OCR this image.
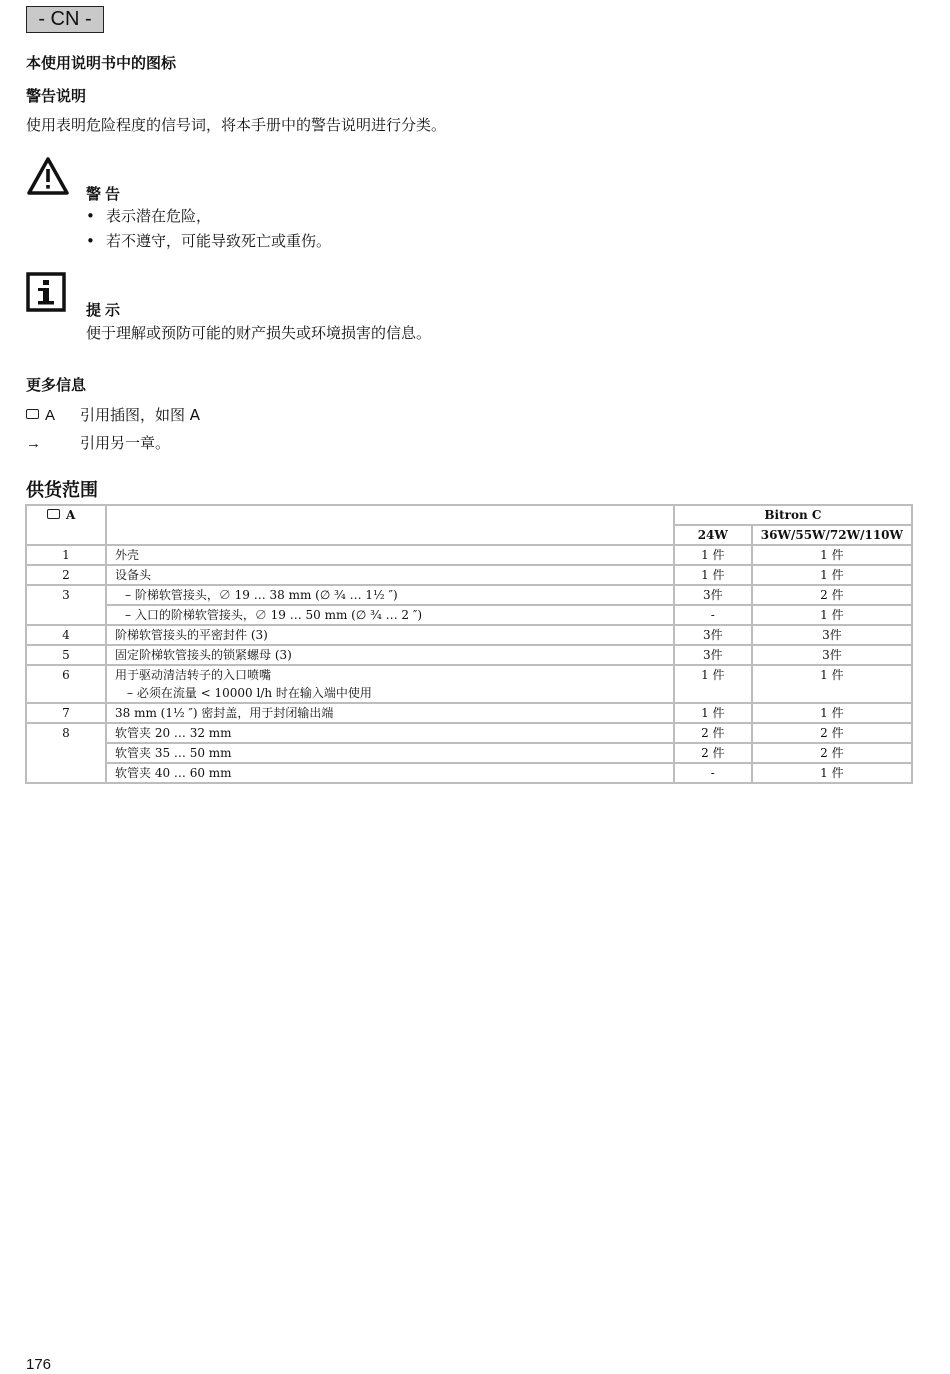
- CN -
本使用说明书中的图标
警告说明
使用表明危险程度的信号词，将本手册中的警告说明进行分类。
警告
• 表示潜在危险，
• 若不遵守，可能导致死亡或重伤。
提示
便于理解或预防可能的财产损失或环境损害的信息。
更多信息
A 引用插图，如图 A
→	引用另一章。
供货范围
A		Bitron C	
		24W	36W/55W/72W/110W
1	外壳	1 件	1 件
2	设备头	1 件	1 件
3	– 阶梯软管接头，∅ 19 … 38 mm (∅ ¾ … 1½ ″)	3件	2 件
	– 入口的阶梯软管接头，∅ 19 … 50 mm (∅ ¾ … 2 ″)	-	1 件
4	阶梯软管接头的平密封件 (3)	3件	3件
5	固定阶梯软管接头的锁紧螺母 (3)	3件	3件
6	用于驱动清洁转子的入口喷嘴
– 必须在流量 < 10000 l/h 时在输入端中使用	1 件	1 件
7	38 mm (1½ ″) 密封盖，用于封闭输出端	1 件	1 件
8	软管夹 20 … 32 mm	2 件	2 件
	软管夹 35 … 50 mm	2 件	2 件
	软管夹 40 … 60 mm	-	1 件
176
